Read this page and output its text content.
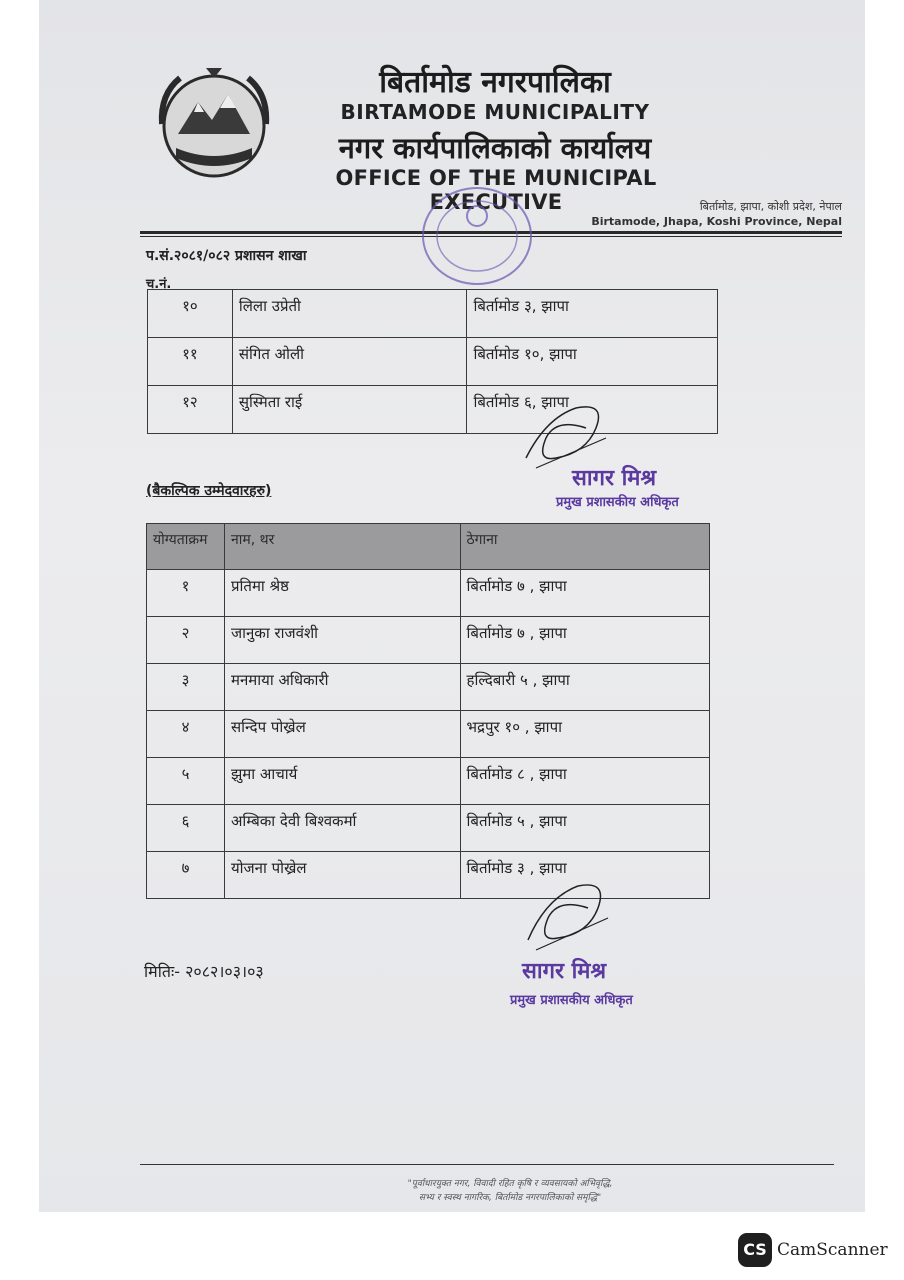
बिर्तामोड नगरपालिका
BIRTAMODE MUNICIPALITY
नगर कार्यपालिकाको कार्यालय
OFFICE OF THE MUNICIPAL EXECUTIVE	बिर्तामोड, झापा, कोशी प्रदेश, नेपाल
Birtamode, Jhapa, Koshi Province, Nepal
प.सं.२०८१/०८२ प्रशासन शाखा
च.नं.
१०	लिला उप्रेती	बिर्तामोड ३, झापा
११	संगित ओली	बिर्तामोड १०, झापा
१२	सुस्मिता राई	बिर्तामोड ६, झापा
सागर मिश्र
प्रमुख प्रशासकीय अधिकृत
(बैकल्पिक उम्मेदवारहरु)
योग्यताक्रम	नाम, थर	ठेगाना
१	प्रतिमा श्रेष्ठ	बिर्तामोड ७ , झापा
२	जानुका राजवंशी	बिर्तामोड ७ , झापा
३	मनमाया अधिकारी	हल्दिबारी ५ , झापा
४	सन्दिप पोख्रेल	भद्रपुर १० , झापा
५	झुमा आचार्य	बिर्तामोड ८ , झापा
६	अम्बिका देवी बिश्वकर्मा	बिर्तामोड ५ , झापा
७	योजना पोख्रेल	बिर्तामोड ३ , झापा
मितिः- २०८२।०३।०३	सागर मिश्र
प्रमुख प्रशासकीय अधिकृत
"पूर्वाधारयुक्त नगर, विवादी रहित कृषि र व्यवसायको अभिवृद्धि,
सभ्य र स्वस्थ नागरिक, बिर्तामोड नगरपालिकाको समृद्धि"
CS CamScanner
